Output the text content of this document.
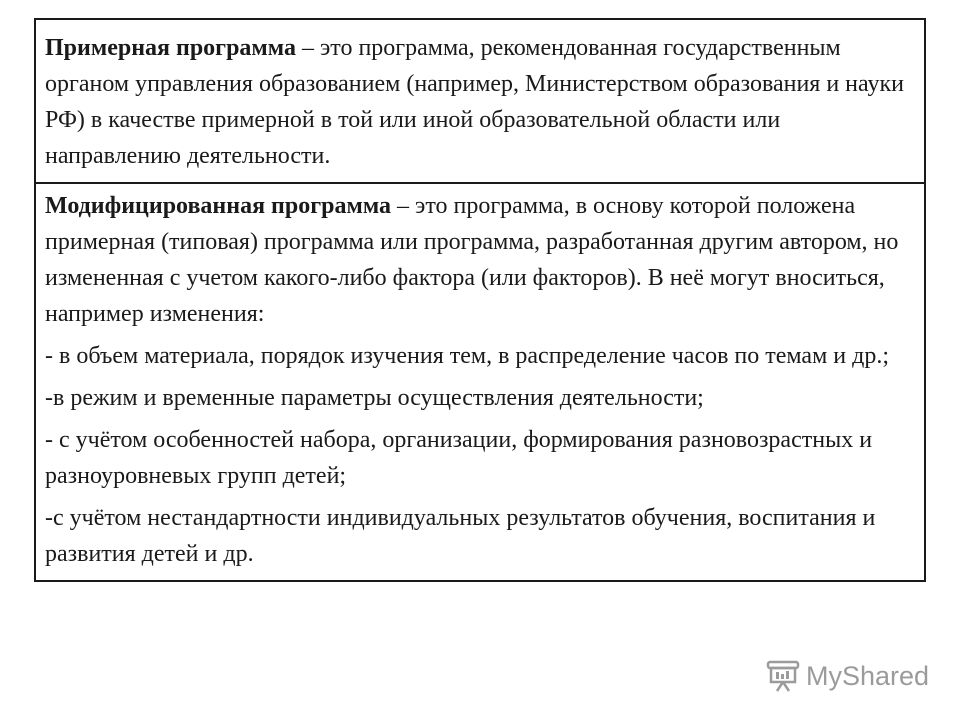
Примерная программа – это программа, рекомендованная государственным органом управления образованием (например, Министерством образования и науки РФ) в качестве примерной в той или иной образовательной области или направлению деятельности.

Модифицированная программа – это программа, в основу которой положена примерная (типовая) программа или программа, разработанная другим автором, но измененная с учетом какого-либо фактора (или факторов). В неё могут вноситься, например изменения:

- в объем материала, порядок изучения тем, в распределение часов по темам и др.;

-в режим и временные параметры осуществления деятельности;

- с учётом особенностей набора, организации, формирования разновозрастных и разноуровневых групп детей;

-с учётом нестандартности индивидуальных результатов обучения, воспитания и развития детей и др.

MyShared
